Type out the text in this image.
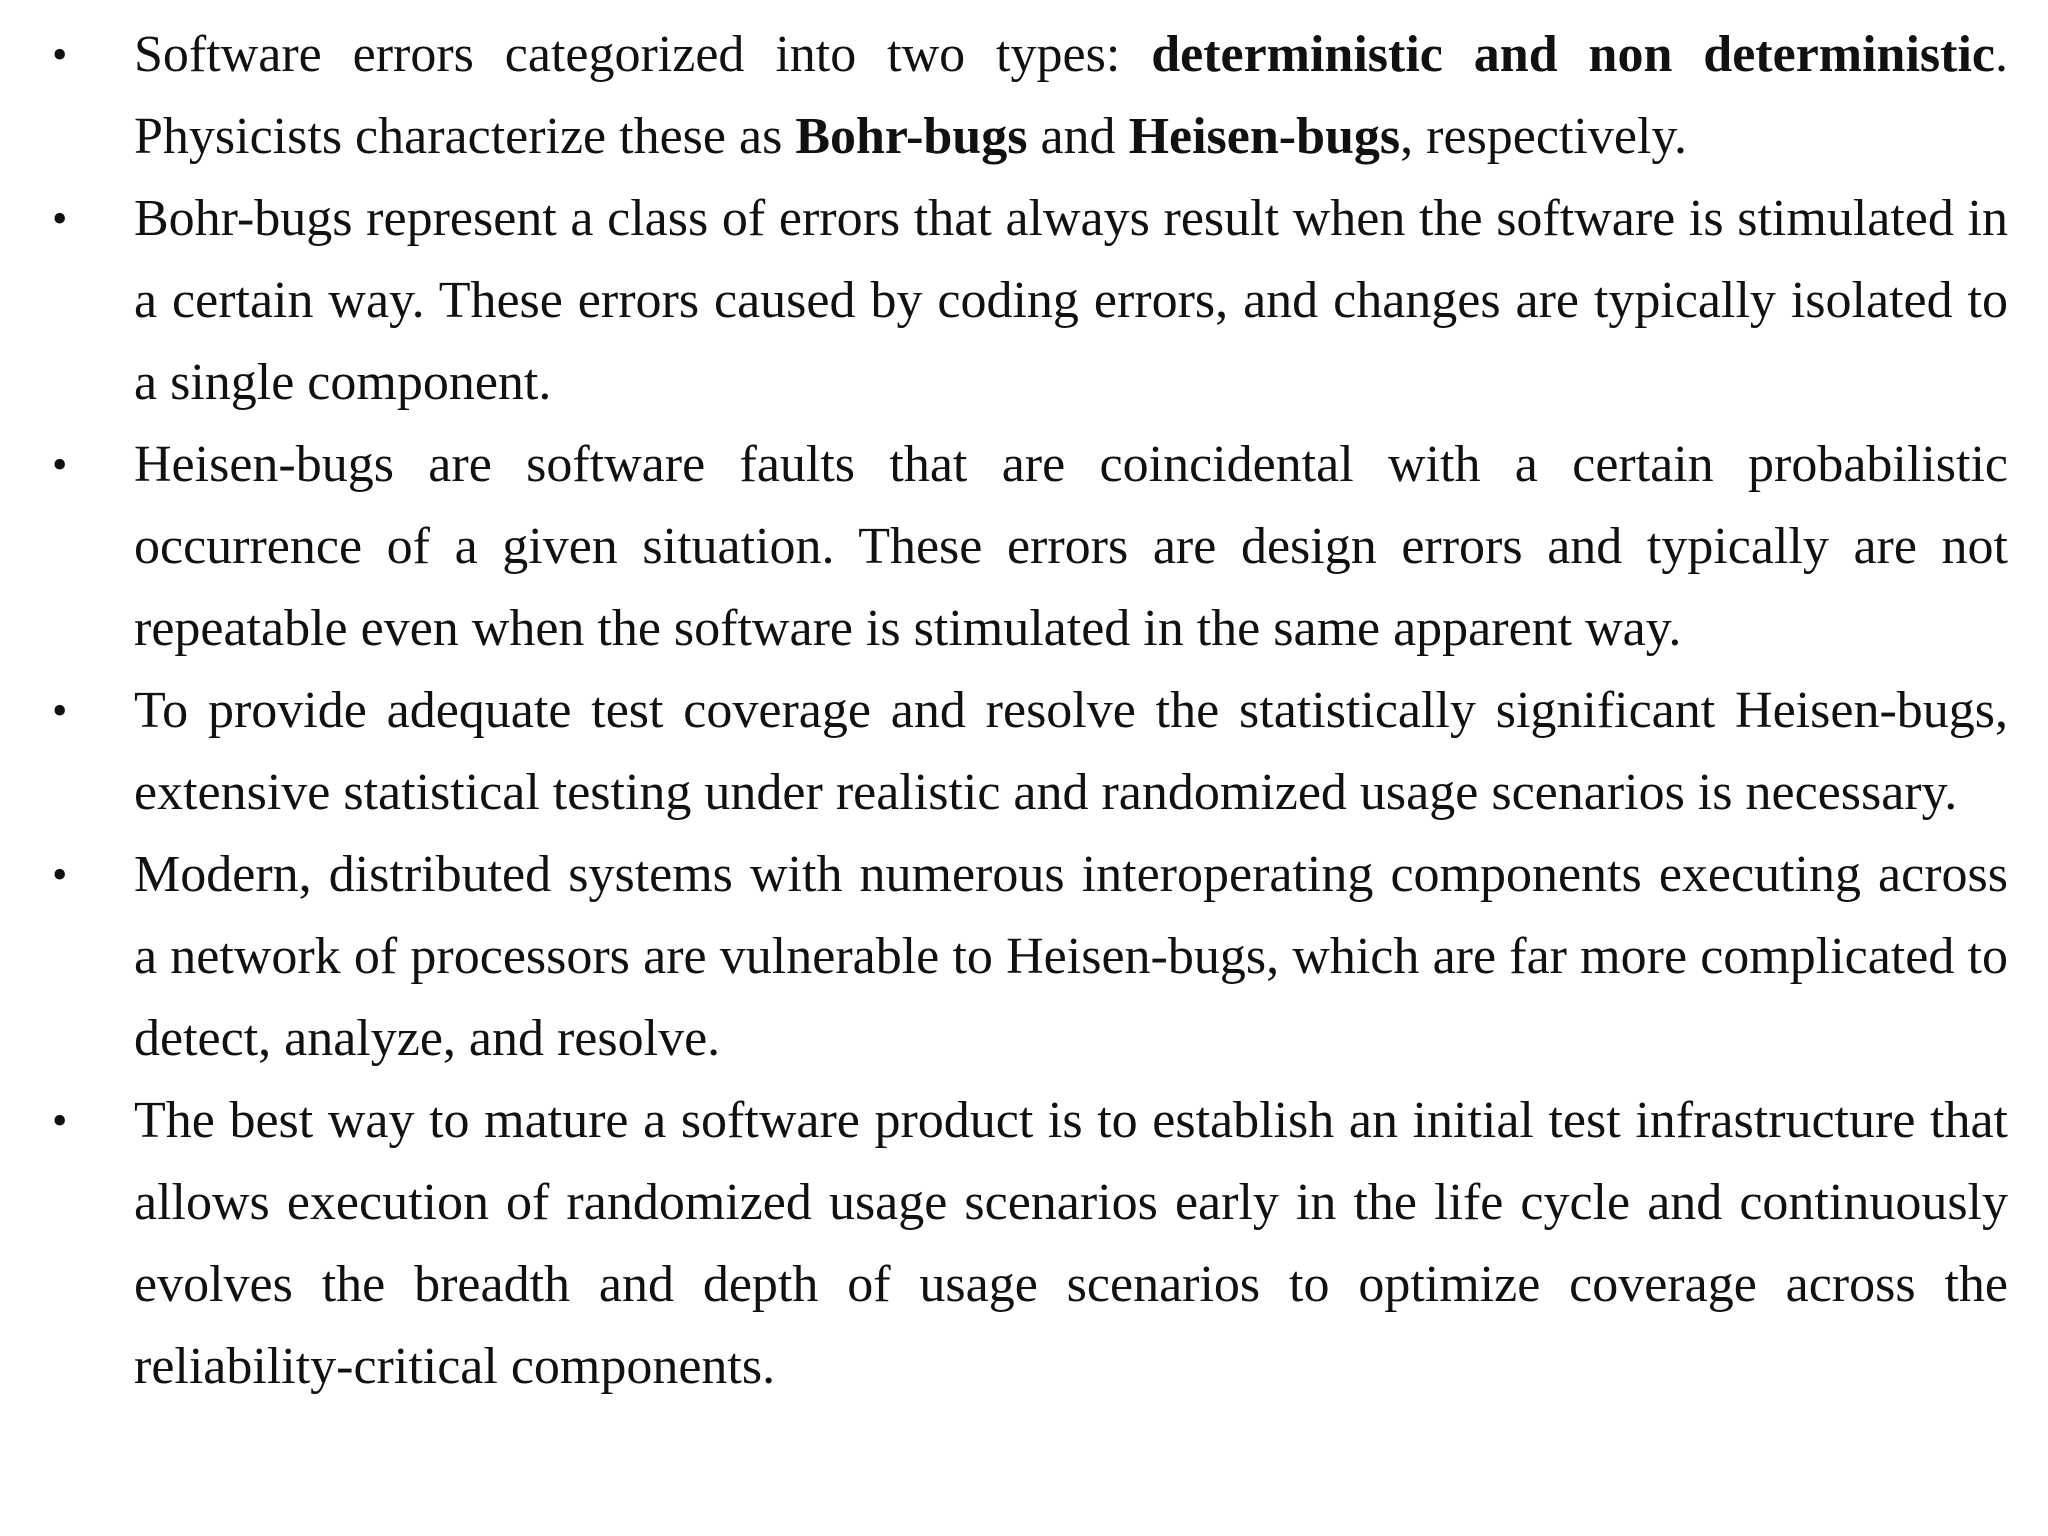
• Software errors categorized into two types: deterministic and non deterministic. Physicists characterize these as Bohr-bugs and Heisen-bugs, respectively.
• Bohr-bugs represent a class of errors that always result when the software is stimulated in a certain way. These errors caused by coding errors, and changes are typically isolated to a single component.
• Heisen-bugs are software faults that are coincidental with a certain probabilistic occurrence of a given situation. These errors are design errors and typically are not repeatable even when the software is stimulated in the same apparent way.
• To provide adequate test coverage and resolve the statistically significant Heisen-bugs, extensive statistical testing under realistic and randomized usage scenarios is necessary.
• Modern, distributed systems with numerous interoperating components executing across a network of processors are vulnerable to Heisen-bugs, which are far more complicated to detect, analyze, and resolve.
• The best way to mature a software product is to establish an initial test infrastructure that allows execution of randomized usage scenarios early in the life cycle and continuously evolves the breadth and depth of usage scenarios to optimize coverage across the reliability-critical components.
